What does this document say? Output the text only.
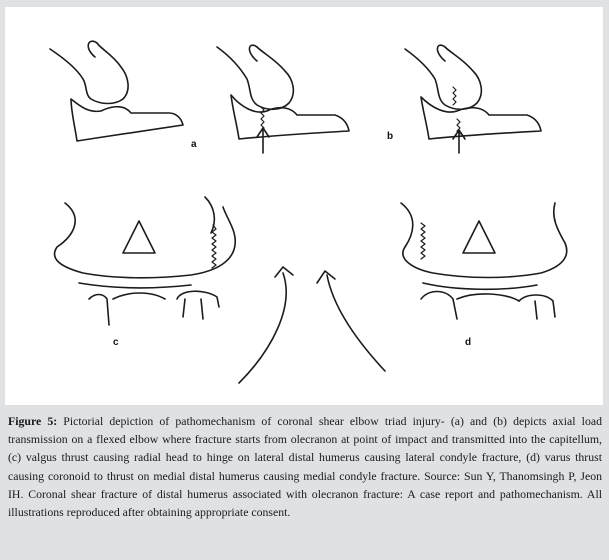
a
b
c	d
Figure 5: Pictorial depiction of pathomechanism of coronal shear elbow triad injury- (a) and (b) depicts axial load transmission on a flexed elbow where fracture starts from olecranon at point of impact and transmitted into the capitellum, (c) valgus thrust causing radial head to hinge on lateral distal humerus causing lateral condyle fracture, (d) varus thrust causing coronoid to thrust on medial distal humerus causing medial condyle fracture. Source: Sun Y, Thanomsingh P, Jeon IH. Coronal shear fracture of distal humerus associated with olecranon fracture: A case report and pathomechanism. All illustrations reproduced after obtaining appropriate consent.
